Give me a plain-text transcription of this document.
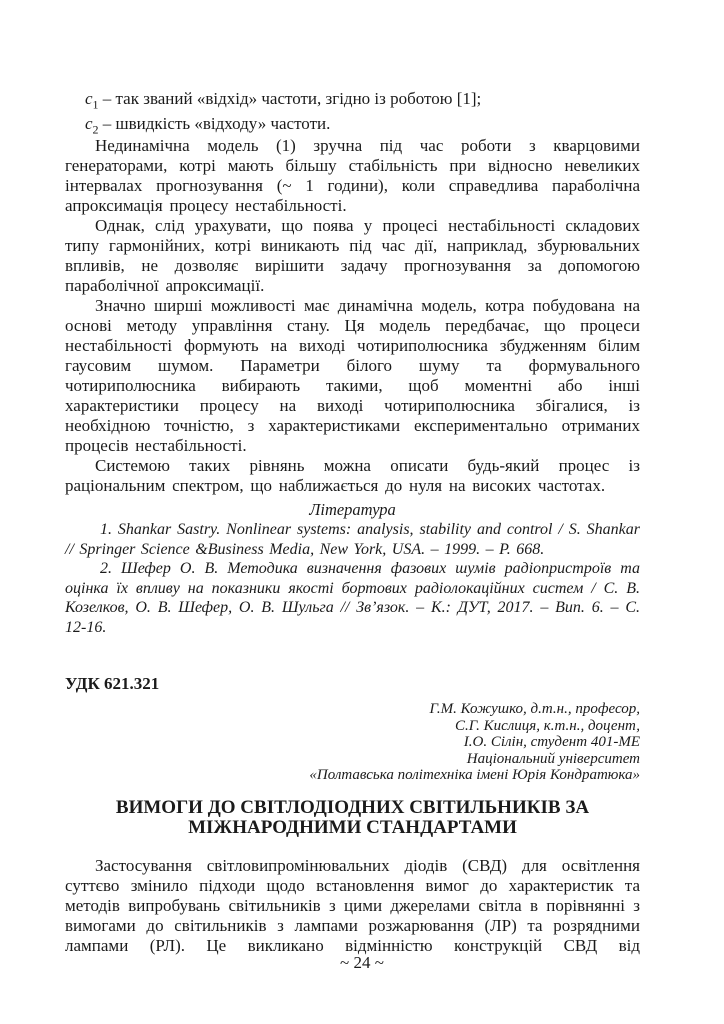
$c_1$ – так званий «відхід» частоти, згідно із роботою [1];
$c_2$ – швидкість «відходу» частоти.

Нединамічна модель (1) зручна під час роботи з кварцовими генераторами, котрі мають більшу стабільність при відносно невеликих інтервалах прогнозування (~ 1 години), коли справедлива параболічна апроксимація процесу нестабільності.

Однак, слід урахувати, що поява у процесі нестабільності складових типу гармонійних, котрі виникають під час дії, наприклад, збурювальних впливів, не дозволяє вирішити задачу прогнозування за допомогою параболічної апроксимації.

Значно ширші можливості має динамічна модель, котра побудована на основі методу управління стану. Ця модель передбачає, що процеси нестабільності формують на виході чотириполюсника збудженням білим гаусовим шумом. Параметри білого шуму та формувального чотириполюсника вибирають такими, щоб моментні або інші характеристики процесу на виході чотириполюсника збігалися, із необхідною точністю, з характеристиками експериментально отриманих процесів нестабільності.

Системою таких рівнянь можна описати будь-який процес із раціональним спектром, що наближається до нуля на високих частотах.

Література

1. Shankar Sastry. Nonlinear systems: analysis, stability and control / S. Shankar // Springer Science &Business Media, New York, USA. – 1999. – P. 668.

2. Шефер О. В. Методика визначення фазових шумів радіопристроїв та оцінка їх впливу на показники якості бортових радіолокаційних систем / С. В. Козелков, О. В. Шефер, О. В. Шульга // Зв’язок. – К.: ДУТ, 2017. – Вип. 6. – С. 12-16.

УДК 621.321
Г.М. Кожушко, д.т.н., професор,
С.Г. Кислиця, к.т.н., доцент,
І.О. Сілін, студент 401-МЕ
Національний університет
«Полтавська політехніка імені Юрія Кондратюка»
ВИМОГИ ДО СВІТЛОДІОДНИХ СВІТИЛЬНИКІВ ЗА
МІЖНАРОДНИМИ СТАНДАРТАМИ

Застосування світловипромінювальних діодів (СВД) для освітлення суттєво змінило підходи щодо встановлення вимог до характеристик та методів випробувань світильників з цими джерелами світла в порівнянні з вимогами до світильників з лампами розжарювання (ЛР) та розрядними лампами (РЛ). Це викликано відмінністю конструкцій СВД від

~ 24 ~
